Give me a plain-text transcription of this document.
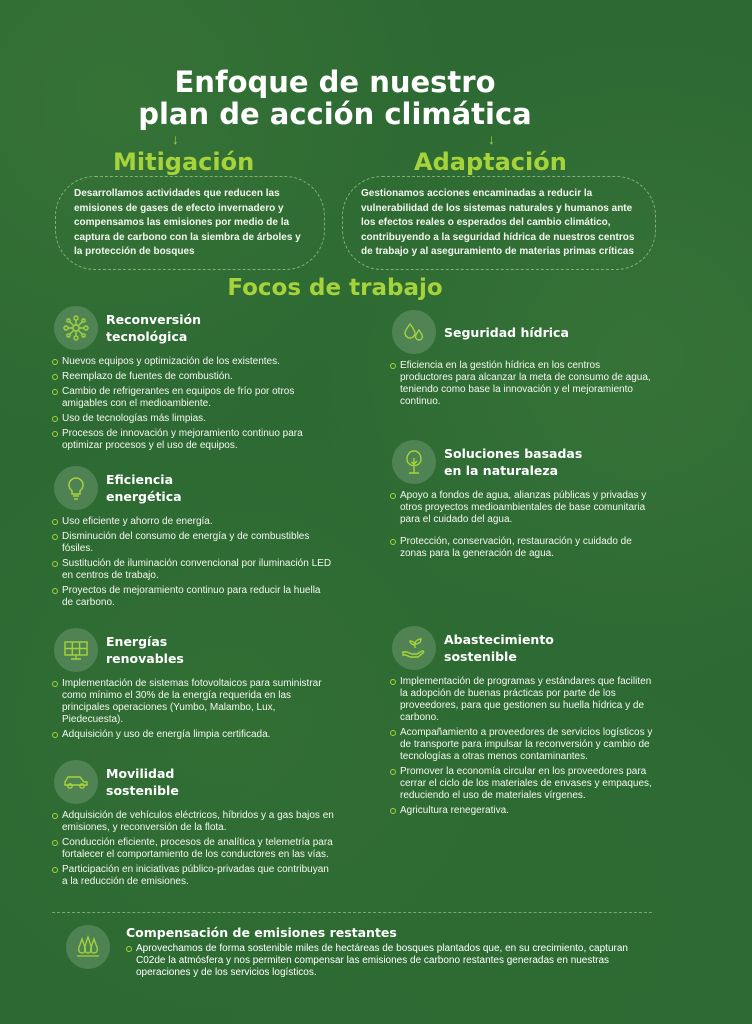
Enfoque de nuestro
plan de acción climática
↓	↓
Mitigación	Adaptación
Desarrollamos actividades que reducen las emisiones de gases de efecto invernadero y compensamos las emisiones por medio de la captura de carbono con la siembra de árboles y la protección de bosques
Gestionamos acciones encaminadas a reducir la vulnerabilidad de los sistemas naturales y humanos ante los efectos reales o esperados del cambio climático, contribuyendo a la seguridad hídrica de nuestros centros de trabajo y al aseguramiento de materias primas críticas
Focos de trabajo
Reconversión
tecnológica
Nuevos equipos y optimización de los existentes.
Reemplazo de fuentes de combustión.
Cambio de refrigerantes en equipos de frío por otros amigables con el medioambiente.
Uso de tecnologías más limpias.
Procesos de innovación y mejoramiento continuo para optimizar procesos y el uso de equipos.
Eficiencia
energética
Uso eficiente y ahorro de energía.
Disminución del consumo de energía y de combustibles fósiles.
Sustitución de iluminación convencional por iluminación LED en centros de trabajo.
Proyectos de mejoramiento continuo para reducir la huella de carbono.
Energías
renovables
Implementación de sistemas fotovoltaicos para suministrar como mínimo el 30% de la energía requerida en las principales operaciones (Yumbo, Malambo, Lux, Piedecuesta).
Adquisición y uso de energía limpia certificada.
Movilidad
sostenible
Adquisición de vehículos eléctricos, híbridos y a gas bajos en emisiones, y reconversión de la flota.
Conducción eficiente, procesos de analítica y telemetría para fortalecer el comportamiento de los conductores en las vías.
Participación en iniciativas público-privadas que contribuyan a la reducción de emisiones.
Seguridad hídrica
Eficiencia en la gestión hídrica en los centros productores para alcanzar la meta de consumo de agua, teniendo como base la innovación y el mejoramiento continuo.
Soluciones basadas
en la naturaleza
Apoyo a fondos de agua, alianzas públicas y privadas y otros proyectos medioambientales de base comunitaria para el cuidado del agua.
Protección, conservación, restauración y cuidado de zonas para la generación de agua.
Abastecimiento
sostenible
Implementación de programas y estándares que faciliten la adopción de buenas prácticas por parte de los proveedores, para que gestionen su huella hídrica y de carbono.
Acompañamiento a proveedores de servicios logísticos y de transporte para impulsar la reconversión y cambio de tecnologías a otras menos contaminantes.
Promover la economía circular en los proveedores para cerrar el ciclo de los materiales de envases y empaques, reduciendo el uso de materiales vírgenes.
Agricultura renegerativa.
Compensación de emisiones restantes
Aprovechamos de forma sostenible miles de hectáreas de bosques plantados que, en su crecimiento, capturan C02de la atmósfera y nos permiten compensar las emisiones de carbono restantes generadas en nuestras operaciones y de los servicios logísticos.
